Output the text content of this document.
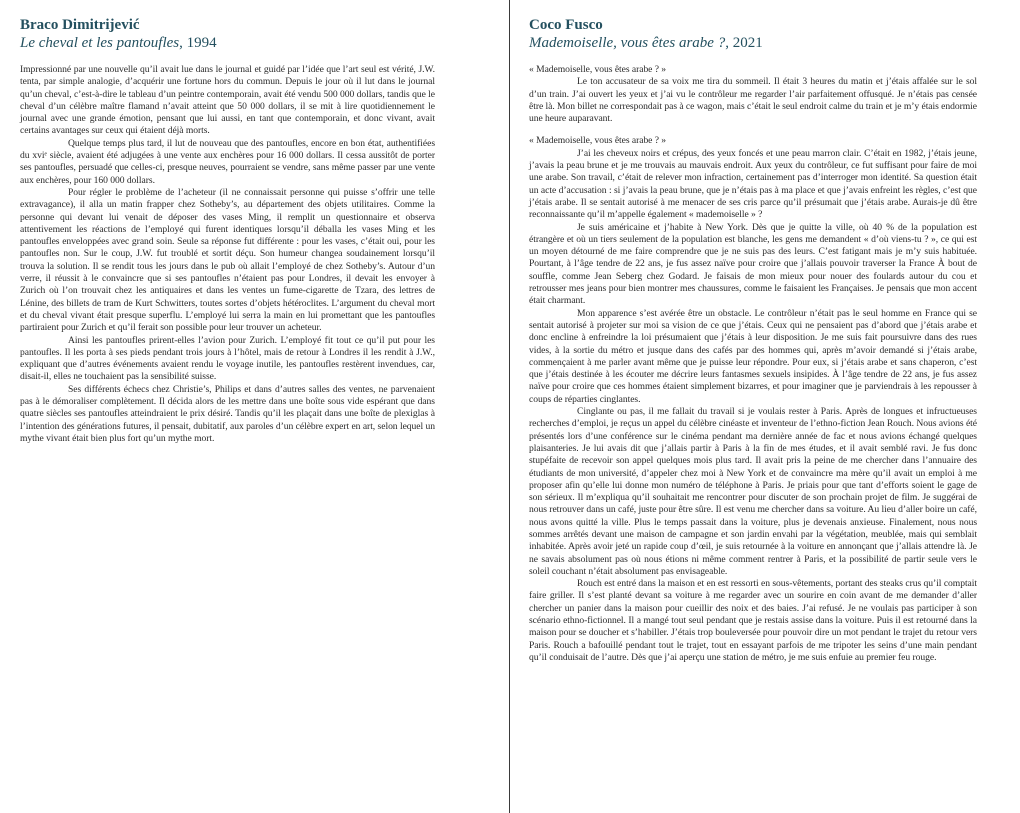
Braco Dimitrijević
Le cheval et les pantoufles, 1994

Impressionné par une nouvelle qu’il avait lue dans le journal et guidé par l’idée que l’art seul est vérité, J.W. tenta, par simple analogie, d’acquérir une fortune hors du commun. Depuis le jour où il lut dans le journal qu’un cheval, c’est-à-dire le tableau d’un peintre contemporain, avait été vendu 500 000 dollars, tandis que le cheval d’un célèbre maître flamand n’avait atteint que 50 000 dollars, il se mit à lire quotidiennement le journal avec une grande émotion, pensant que lui aussi, en tant que contemporain, et donc vivant, avait certains avantages sur ceux qui étaient déjà morts.

Quelque temps plus tard, il lut de nouveau que des pantoufles, encore en bon état, authentifiées du xviᵉ siècle, avaient été adjugées à une vente aux enchères pour 16 000 dollars. Il cessa aussitôt de porter ses pantoufles, persuadé que celles-ci, presque neuves, pourraient se vendre, sans même passer par une vente aux enchères, pour 160 000 dollars.

Pour régler le problème de l’acheteur (il ne connaissait personne qui puisse s’offrir une telle extravagance), il alla un matin frapper chez Sotheby’s, au département des objets utilitaires. Comme la personne qui devant lui venait de déposer des vases Ming, il remplit un questionnaire et observa attentivement les réactions de l’employé qui furent identiques lorsqu’il déballa les vases Ming et les pantoufles enveloppées avec grand soin. Seule sa réponse fut différente : pour les vases, c’était oui, pour les pantoufles non. Sur le coup, J.W. fut troublé et sortit déçu. Son humeur changea soudainement lorsqu’il trouva la solution. Il se rendit tous les jours dans le pub où allait l’employé de chez Sotheby’s. Autour d’un verre, il réussit à le convaincre que si ses pantoufles n’étaient pas pour Londres, il devait les envoyer à Zurich où l’on trouvait chez les antiquaires et dans les ventes un fume-cigarette de Tzara, des lettres de Lénine, des billets de tram de Kurt Schwitters, toutes sortes d’objets hétéroclites. L’argument du cheval mort et du cheval vivant était presque superflu. L’employé lui serra la main en lui promettant que les pantoufles partiraient pour Zurich et qu’il ferait son possible pour leur trouver un acheteur.

Ainsi les pantoufles prirent-elles l’avion pour Zurich. L’employé fit tout ce qu’il put pour les pantoufles. Il les porta à ses pieds pendant trois jours à l’hôtel, mais de retour à Londres il les rendit à J.W., expliquant que d’autres événements avaient rendu le voyage inutile, les pantoufles restèrent invendues, car, disait-il, elles ne touchaient pas la sensibilité suisse.

Ses différents échecs chez Christie’s, Philips et dans d’autres salles des ventes, ne parvenaient pas à le démoraliser complètement. Il décida alors de les mettre dans une boîte sous vide espérant que dans quatre siècles ses pantoufles atteindraient le prix désiré. Tandis qu’il les plaçait dans une boîte de plexiglas à l’intention des générations futures, il pensait, dubitatif, aux paroles d’un célèbre expert en art, selon lequel un mythe vivant était bien plus fort qu’un mythe mort.

Coco Fusco
Mademoiselle, vous êtes arabe ?, 2021

« Mademoiselle, vous êtes arabe ? »

Le ton accusateur de sa voix me tira du sommeil. Il était 3 heures du matin et j’étais affalée sur le sol d’un train. J’ai ouvert les yeux et j’ai vu le contrôleur me regarder l’air parfaitement offusqué. Je n’étais pas censée être là. Mon billet ne correspondait pas à ce wagon, mais c’était le seul endroit calme du train et je m’y étais endormie une heure auparavant.

« Mademoiselle, vous êtes arabe ? »

J’ai les cheveux noirs et crépus, des yeux foncés et une peau marron clair. C’était en 1982, j’étais jeune, j’avais la peau brune et je me trouvais au mauvais endroit. Aux yeux du contrôleur, ce fut suffisant pour faire de moi une arabe. Son travail, c’était de relever mon infraction, certainement pas d’interroger mon identité. Sa question était un acte d’accusation : si j’avais la peau brune, que je n’étais pas à ma place et que j’avais enfreint les règles, c’est que j’étais arabe. Il se sentait autorisé à me menacer de ses cris parce qu’il présumait que j’étais arabe. Aurais-je dû être reconnaissante qu’il m’appelle également « mademoiselle » ?

Je suis américaine et j’habite à New York. Dès que je quitte la ville, où 40 % de la population est étrangère et où un tiers seulement de la population est blanche, les gens me demandent « d’où viens-tu ? », ce qui est un moyen détourné de me faire comprendre que je ne suis pas des leurs. C’est fatigant mais je m’y suis habituée. Pourtant, à l’âge tendre de 22 ans, je fus assez naïve pour croire que j’allais pouvoir traverser la France À bout de souffle, comme Jean Seberg chez Godard. Je faisais de mon mieux pour nouer des foulards autour du cou et retrousser mes jeans pour bien montrer mes chaussures, comme le faisaient les Françaises. Je pensais que mon accent était charmant.

Mon apparence s’est avérée être un obstacle. Le contrôleur n’était pas le seul homme en France qui se sentait autorisé à projeter sur moi sa vision de ce que j’étais. Ceux qui ne pensaient pas d’abord que j’étais arabe et donc encline à enfreindre la loi présumaient que j’étais à leur disposition. Je me suis fait poursuivre dans des rues vides, à la sortie du métro et jusque dans des cafés par des hommes qui, après m’avoir demandé si j’étais arabe, commençaient à me parler avant même que je puisse leur répondre. Pour eux, si j’étais arabe et sans chaperon, c’est que j’étais destinée à les écouter me décrire leurs fantasmes sexuels insipides. À l’âge tendre de 22 ans, je fus assez naïve pour croire que ces hommes étaient simplement bizarres, et pour imaginer que je parviendrais à les repousser à coups de réparties cinglantes.

Cinglante ou pas, il me fallait du travail si je voulais rester à Paris. Après de longues et infructueuses recherches d’emploi, je reçus un appel du célèbre cinéaste et inventeur de l’ethno-fiction Jean Rouch. Nous avions été présentés lors d’une conférence sur le cinéma pendant ma dernière année de fac et nous avions échangé quelques plaisanteries. Je lui avais dit que j’allais partir à Paris à la fin de mes études, et il avait semblé ravi. Je fus donc stupéfaite de recevoir son appel quelques mois plus tard. Il avait pris la peine de me chercher dans l’annuaire des étudiants de mon université, d’appeler chez moi à New York et de convaincre ma mère qu’il avait un emploi à me proposer afin qu’elle lui donne mon numéro de téléphone à Paris. Je priais pour que tant d’efforts soient le gage de son sérieux. Il m’expliqua qu’il souhaitait me rencontrer pour discuter de son prochain projet de film. Je suggérai de nous retrouver dans un café, juste pour être sûre. Il est venu me chercher dans sa voiture. Au lieu d’aller boire un café, nous avons quitté la ville. Plus le temps passait dans la voiture, plus je devenais anxieuse. Finalement, nous nous sommes arrêtés devant une maison de campagne et son jardin envahi par la végétation, meublée, mais qui semblait inhabitée. Après avoir jeté un rapide coup d’œil, je suis retournée à la voiture en annonçant que j’allais attendre là. Je ne savais absolument pas où nous étions ni même comment rentrer à Paris, et la possibilité de partir seule vers le soleil couchant n’était absolument pas envisageable.

Rouch est entré dans la maison et en est ressorti en sous-vêtements, portant des steaks crus qu’il comptait faire griller. Il s’est planté devant sa voiture à me regarder avec un sourire en coin avant de me demander d’aller chercher un panier dans la maison pour cueillir des noix et des baies. J’ai refusé. Je ne voulais pas participer à son scénario ethno-fictionnel. Il a mangé tout seul pendant que je restais assise dans la voiture. Puis il est retourné dans la maison pour se doucher et s’habiller. J’étais trop bouleversée pour pouvoir dire un mot pendant le trajet du retour vers Paris. Rouch a bafouillé pendant tout le trajet, tout en essayant parfois de me tripoter les seins d’une main pendant qu’il conduisait de l’autre. Dès que j’ai aperçu une station de métro, je me suis enfuie au premier feu rouge.
